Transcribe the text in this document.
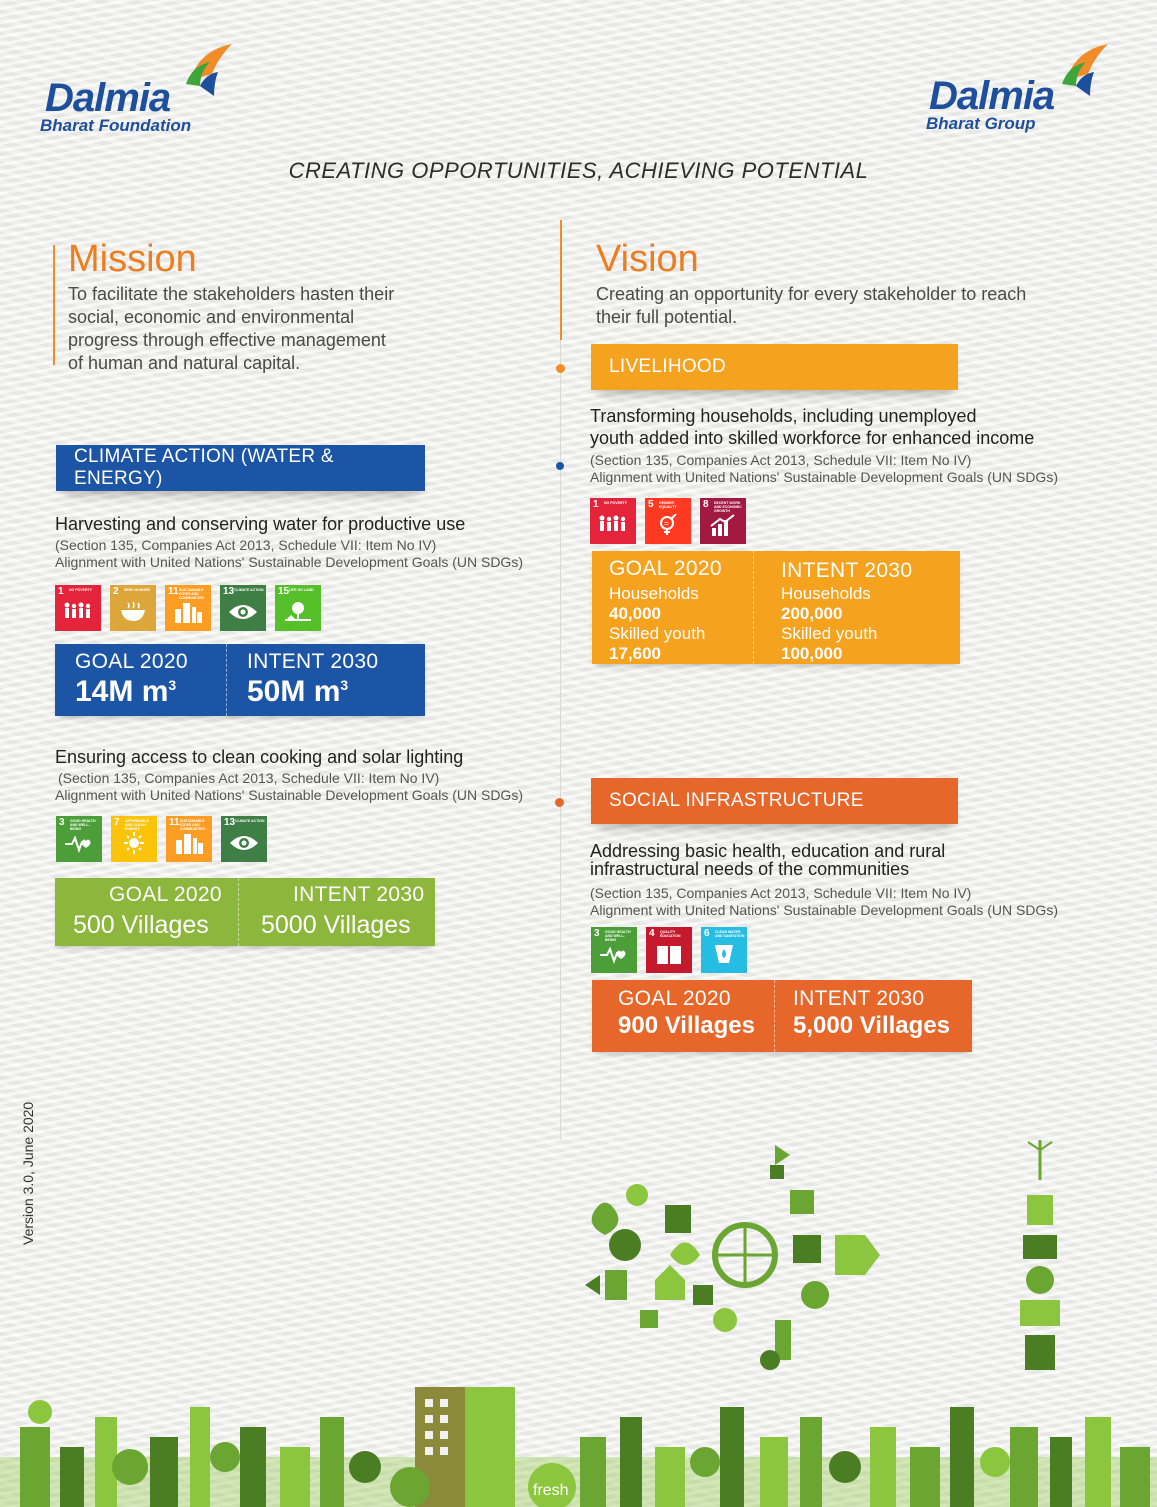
Dalmia
Bharat Foundation
Dalmia
Bharat Group
CREATING OPPORTUNITIES, ACHIEVING POTENTIAL
Mission
To facilitate the stakeholders hasten their
social, economic and environmental
progress through effective management
of human and natural capital.
Vision
Creating an opportunity for every stakeholder to reach
their full potential.
CLIMATE ACTION (WATER & ENERGY)
Harvesting and conserving water for productive use
(Section 135, Companies Act 2013, Schedule VII: Item No IV)
Alignment with United Nations' Sustainable Development Goals (UN SDGs)
1 NO POVERTY	2 ZERO HUNGER	11 SUSTAINABLE CITIES AND COMMUNITIES
13 CLIMATE ACTION 15 LIFE ON LAND
GOAL 2020
14M $m^3$
INTENT 2030
50M $m^3$
Ensuring access to clean cooking and solar lighting
(Section 135, Companies Act 2013, Schedule VII: Item No IV)
Alignment with United Nations' Sustainable Development Goals (UN SDGs)
3 GOOD HEALTH AND WELL-BEING
7 AFFORDABLE AND CLEAN ENERGY
11 SUSTAINABLE CITIES AND COMMUNITIES
13 CLIMATE ACTION
GOAL 2020
500 Villages
INTENT 2030
5000 Villages
LIVELIHOOD
Transforming households, including unemployed
youth added into skilled workforce for enhanced income
(Section 135, Companies Act 2013, Schedule VII: Item No IV)
Alignment with United Nations' Sustainable Development Goals (UN SDGs)
1 NO POVERTY	5 GENDER EQUALITY
=
8 DECENT WORK AND ECONOMIC GROWTH
GOAL 2020
Households
40,000
Skilled youth
17,600
INTENT 2030
Households
200,000
Skilled youth
100,000
SOCIAL INFRASTRUCTURE
Addressing basic health, education and rural
infrastructural needs of the communities
(Section 135, Companies Act 2013, Schedule VII: Item No IV)
Alignment with United Nations' Sustainable Development Goals (UN SDGs)
3 GOOD HEALTH AND WELL-BEING
4 QUALITY EDUCATION	6 CLEAN WATER AND SANITATION
GOAL 2020
900 Villages
INTENT 2030
5,000 Villages
Version 3.0, June 2020
fresh
